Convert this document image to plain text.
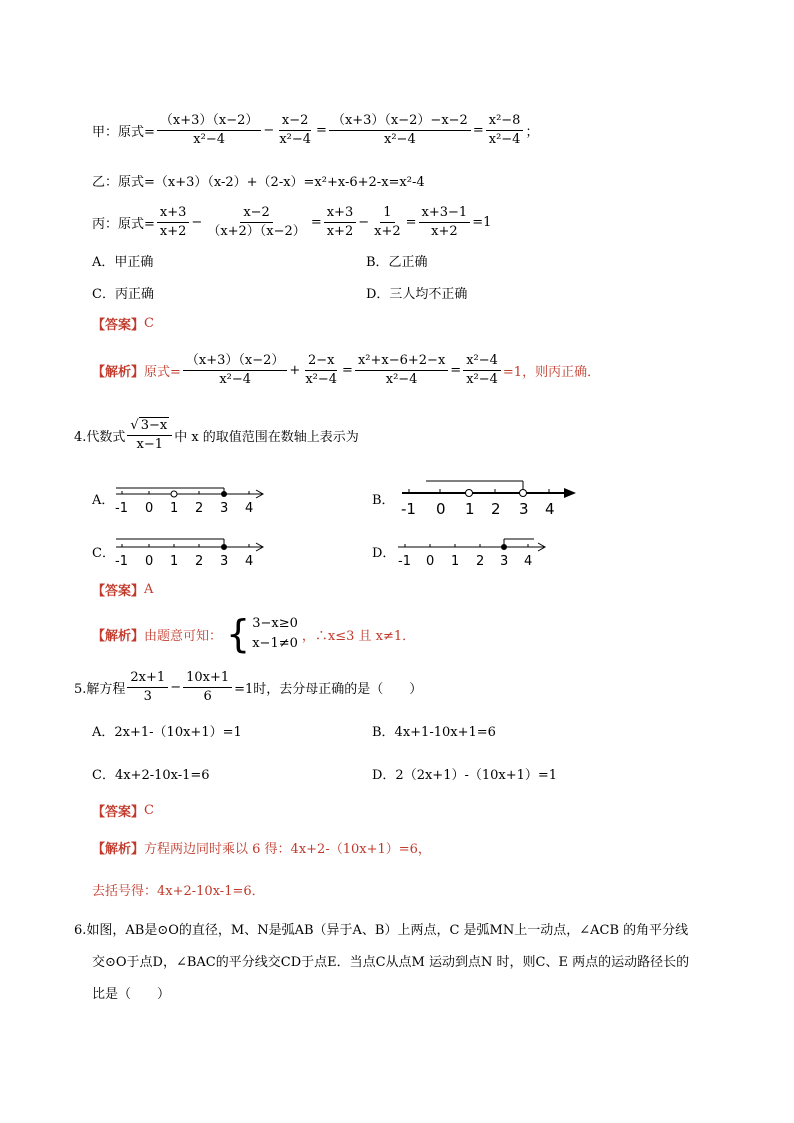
甲：原式= $\frac{(x+3)(x-2)}{\text{x²−4}} - \frac{x-2}{\text{x²−4}} = \frac{(x+3)(x-2)-x-2}{\text{x²−4}} = \frac{\text{x²−8}}{\text{x²−4}}$ ；
乙：原式=（x+3）（x-2）+（2-x）=x²+x-6+2-x=x²-4
丙：原式= $\frac{x+3}{x+2} - \frac{x-2}{(x+2)(x-2)} = \frac{x+3}{x+2} - \frac{1}{x+2} = \frac{x+3-1}{x+2} =1$
A．甲正确	B．乙正确
C．丙正确	D．三人均不正确
【答案】 C
【解析】 原式= $\frac{(x+3)(x-2)}{\text{x²−4}} + \frac{2-x}{\text{x²−4}} = \frac{\text{x²+x−6+2−x}}{\text{x²−4}} = \frac{\text{x²−4}}{\text{x²−4}} =1$，则丙正确．
4.代数式 $\frac{√ 3-x}{x-1}$ 中 x 的取值范围在数轴上表示为
A．
-1 0 1 2 3 4
B． -1 0 1 2 3 4
C．
-1 0 1 2 3 4
D．
-1 0 1 2 3 4
【答案】 A
【解析】 由题意可知： { 3−x≥0
x−1≠0 ，∴x≤3 且 x≠1．
5.解方程 $\frac{2x+1}{3} - \frac{10x+1}{6} =1$时，去分母正确的是（　　）
A．2x+1-（10x+1）=1	B．4x+1-10x+1=6
C．4x+2-10x-1=6	D．2（2x+1）-（10x+1）=1
【答案】 C
【解析】 方程两边同时乘以 6 得：4x+2-（10x+1）=6，
去括号得：4x+2-10x-1=6．
6.如图，AB是⊙O的直径，M、N是弧AB（异于A、B）上两点，C 是弧MN上一动点，∠ACB 的角平分线
交⊙O于点D，∠BAC的平分线交CD于点E．当点C从点M 运动到点N 时，则C、E 两点的运动路径长的
比是（　　）
